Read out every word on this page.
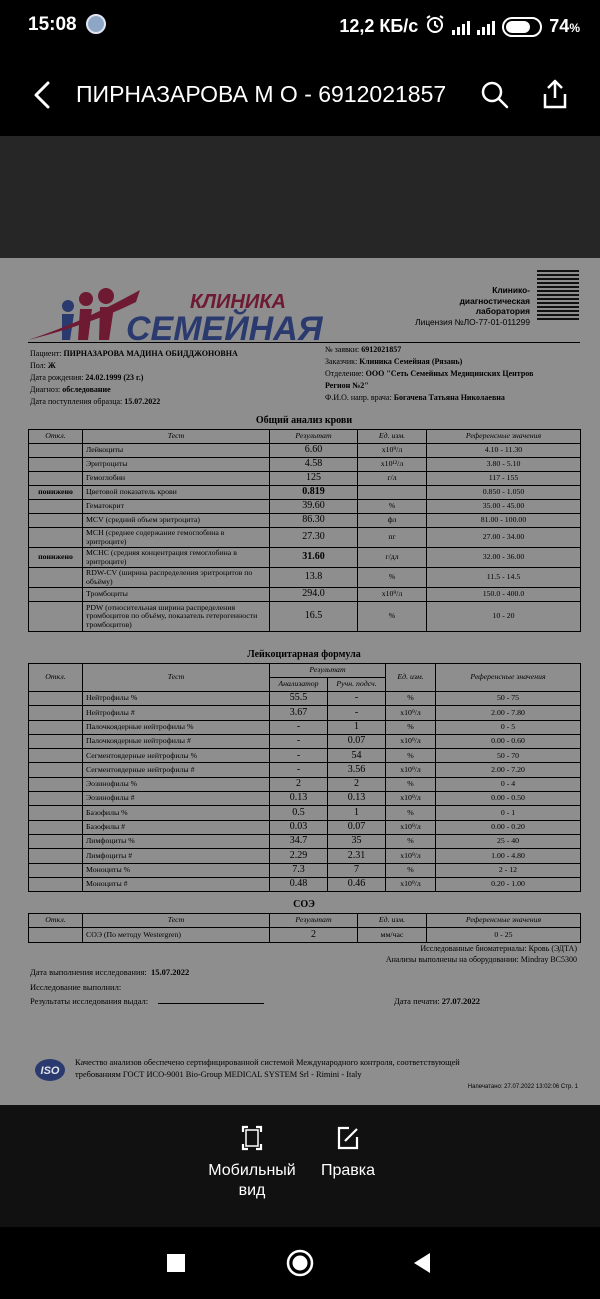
15:08	12,2 КБ/с	74%
ПИРНАЗАРОВА М О - 6912021857
КЛИНИКА
СЕМЕЙНАЯ
Клинико-
диагностическая
лаборатория
Лицензия №ЛО-77-01-011299

Пациент: ПИРНАЗАРОВА МАДИНА ОБИДДЖОНОВНА

Пол: Ж

Дата рождения: 24.02.1999 (23 г.)

Диагноз: обследование

Дата поступления образца: 15.07.2022

№ заявки: 6912021857

Заказчик: Клиника Семейная (Рязань)

Отделение: ООО "Сеть Семейных Медицинских Центров

Регион №2"

Ф.И.О. напр. врача: Богачева Татьяна Николаевна

Общий анализ крови
Откл.	Тест	Результат	Ед. изм.	Референсные значения
	Лейкоциты	6.60	x10⁹/л	4.10 - 11.30
	Эритроциты	4.58	x10¹²/л	3.80 - 5.10
	Гемоглобин	125	г/л	117 - 155
понижено	Цветовой показатель крови	0.819		0.850 - 1.050
	Гематокрит	39.60	%	35.00 - 45.00
	MCV (средний объем эритроцита)	86.30	фл	81.00 - 100.00
	MCH (среднее содержание гемоглобина в эритроците)	27.30	пг	27.00 - 34.00
понижено	MCHC (средняя концентрация гемоглобина в эритроците)	31.60	г/дл	32.00 - 36.00
	RDW-CV (ширина распределения эритроцитов по объёму)	13.8	%	11.5 - 14.5
	Тромбоциты	294.0	x10⁹/л	150.0 - 400.0
	PDW (относительная ширина распределения тромбоцитов по объёму, показатель гетерогенности тромбоцитов)	16.5	%	10 - 20
Лейкоцитарная формула
Откл.	Тест	Результат		Ед. изм.	Референсные значения
		Анализатор	Ручн. подсч.		
	Нейтрофилы %	55.5	-	%	50 - 75
	Нейтрофилы #	3.67	-	x10⁹/л	2.00 - 7.80
	Палочкоядерные нейтрофилы %	-	1	%	0 - 5
	Палочкоядерные нейтрофилы #	-	0.07	x10⁹/л	0.00 - 0.60
	Сегментоядерные нейтрофилы %	-	54	%	50 - 70
	Сегментоядерные нейтрофилы #	-	3.56	x10⁹/л	2.00 - 7.20
	Эозинофилы %	2	2	%	0 - 4
	Эозинофилы #	0.13	0.13	x10⁹/л	0.00 - 0.50
	Базофилы %	0.5	1	%	0 - 1
	Базофилы #	0.03	0.07	x10⁹/л	0.00 - 0.20
	Лимфоциты %	34.7	35	%	25 - 40
	Лимфоциты #	2.29	2.31	x10⁹/л	1.00 - 4.80
	Моноциты %	7.3	7	%	2 - 12
	Моноциты #	0.48	0.46	x10⁹/л	0.20 - 1.00
СОЭ
Откл.	Тест	Результат	Ед. изм.	Референсные значения
	СОЭ (По методу Westergren)	2	мм/час	0 - 25
Исследованные биоматериалы: Кровь (ЭДТА)
Анализы выполнены на оборудовании: Mindray BC5300
Дата выполнения исследования: 15.07.2022
Исследование выполнил:
Результаты исследования выдал:	Дата печати: 27.07.2022
ISO
Качество анализов обеспечено сертифицированной системой Международного контроля, соответствующей
требованиям ГОСТ ИСО-9001 Bio-Group MEDICAL SYSTEM Srl - Rimini - Italy
Напечатано: 27.07.2022 13:02:06 Стр. 1
Мобильный
вид
Правка
